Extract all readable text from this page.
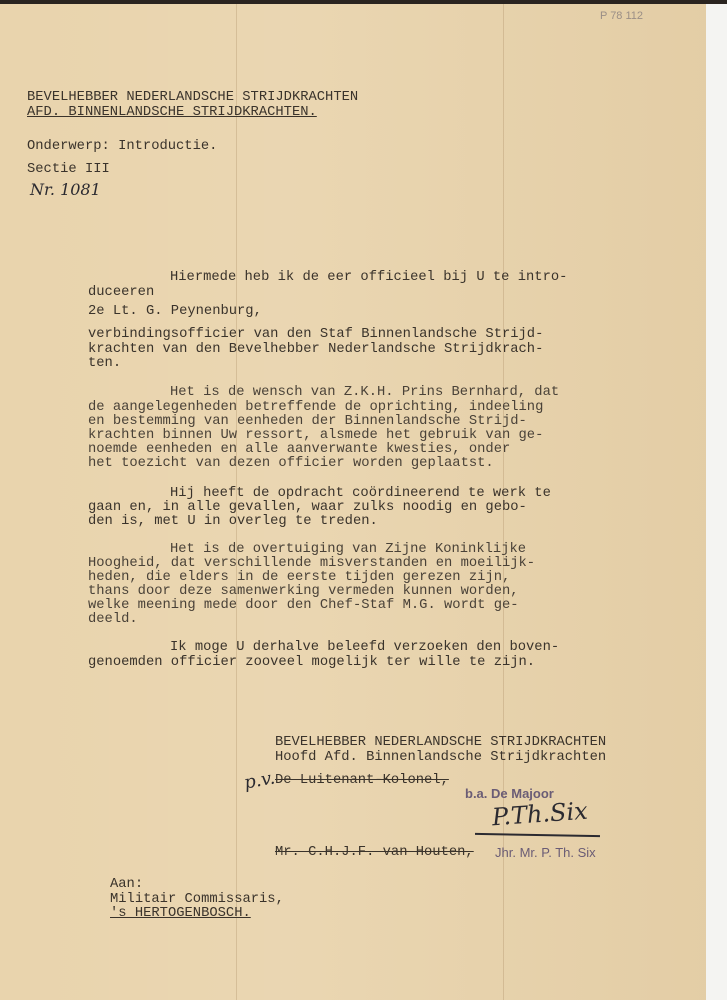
P 78 112
BEVELHEBBER NEDERLANDSCHE STRIJDKRACHTEN
AFD. BINNENLANDSCHE STRIJDKRACHTEN.
Onderwerp: Introductie.
Sectie III
Nr. 1081
Hiermede heb ik de eer officieel bij U te intro-
duceeren
2e Lt. G. Peynenburg,
verbindingsofficier van den Staf Binnenlandsche Strijd-
krachten van den Bevelhebber Nederlandsche Strijdkrach-
ten.
Het is de wensch van Z.K.H. Prins Bernhard, dat
de aangelegenheden betreffende de oprichting, indeeling
en bestemming van eenheden der Binnenlandsche Strijd-
krachten binnen Uw ressort, alsmede het gebruik van ge-
noemde eenheden en alle aanverwante kwesties, onder
het toezicht van dezen officier worden geplaatst.
Hij heeft de opdracht coördineerend te werk te
gaan en, in alle gevallen, waar zulks noodig en gebo-
den is, met U in overleg te treden.
Het is de overtuiging van Zijne Koninklijke
Hoogheid, dat verschillende misverstanden en moeilijk-
heden, die elders in de eerste tijden gerezen zijn,
thans door deze samenwerking vermeden kunnen worden,
welke meening mede door den Chef-Staf M.G. wordt ge-
deeld.
Ik moge U derhalve beleefd verzoeken den boven-
genoemden officier zooveel mogelijk ter wille te zijn.
BEVELHEBBER NEDERLANDSCHE STRIJDKRACHTEN
Hoofd Afd. Binnenlandsche Strijdkrachten
p.v.
De Luitenant-Kolonel,
b.a. De Majoor
P.Th.Six
Mr. C.H.J.F. van Houten, Jhr. Mr. P. Th. Six
Aan:
Militair Commissaris,
's HERTOGENBOSCH.
